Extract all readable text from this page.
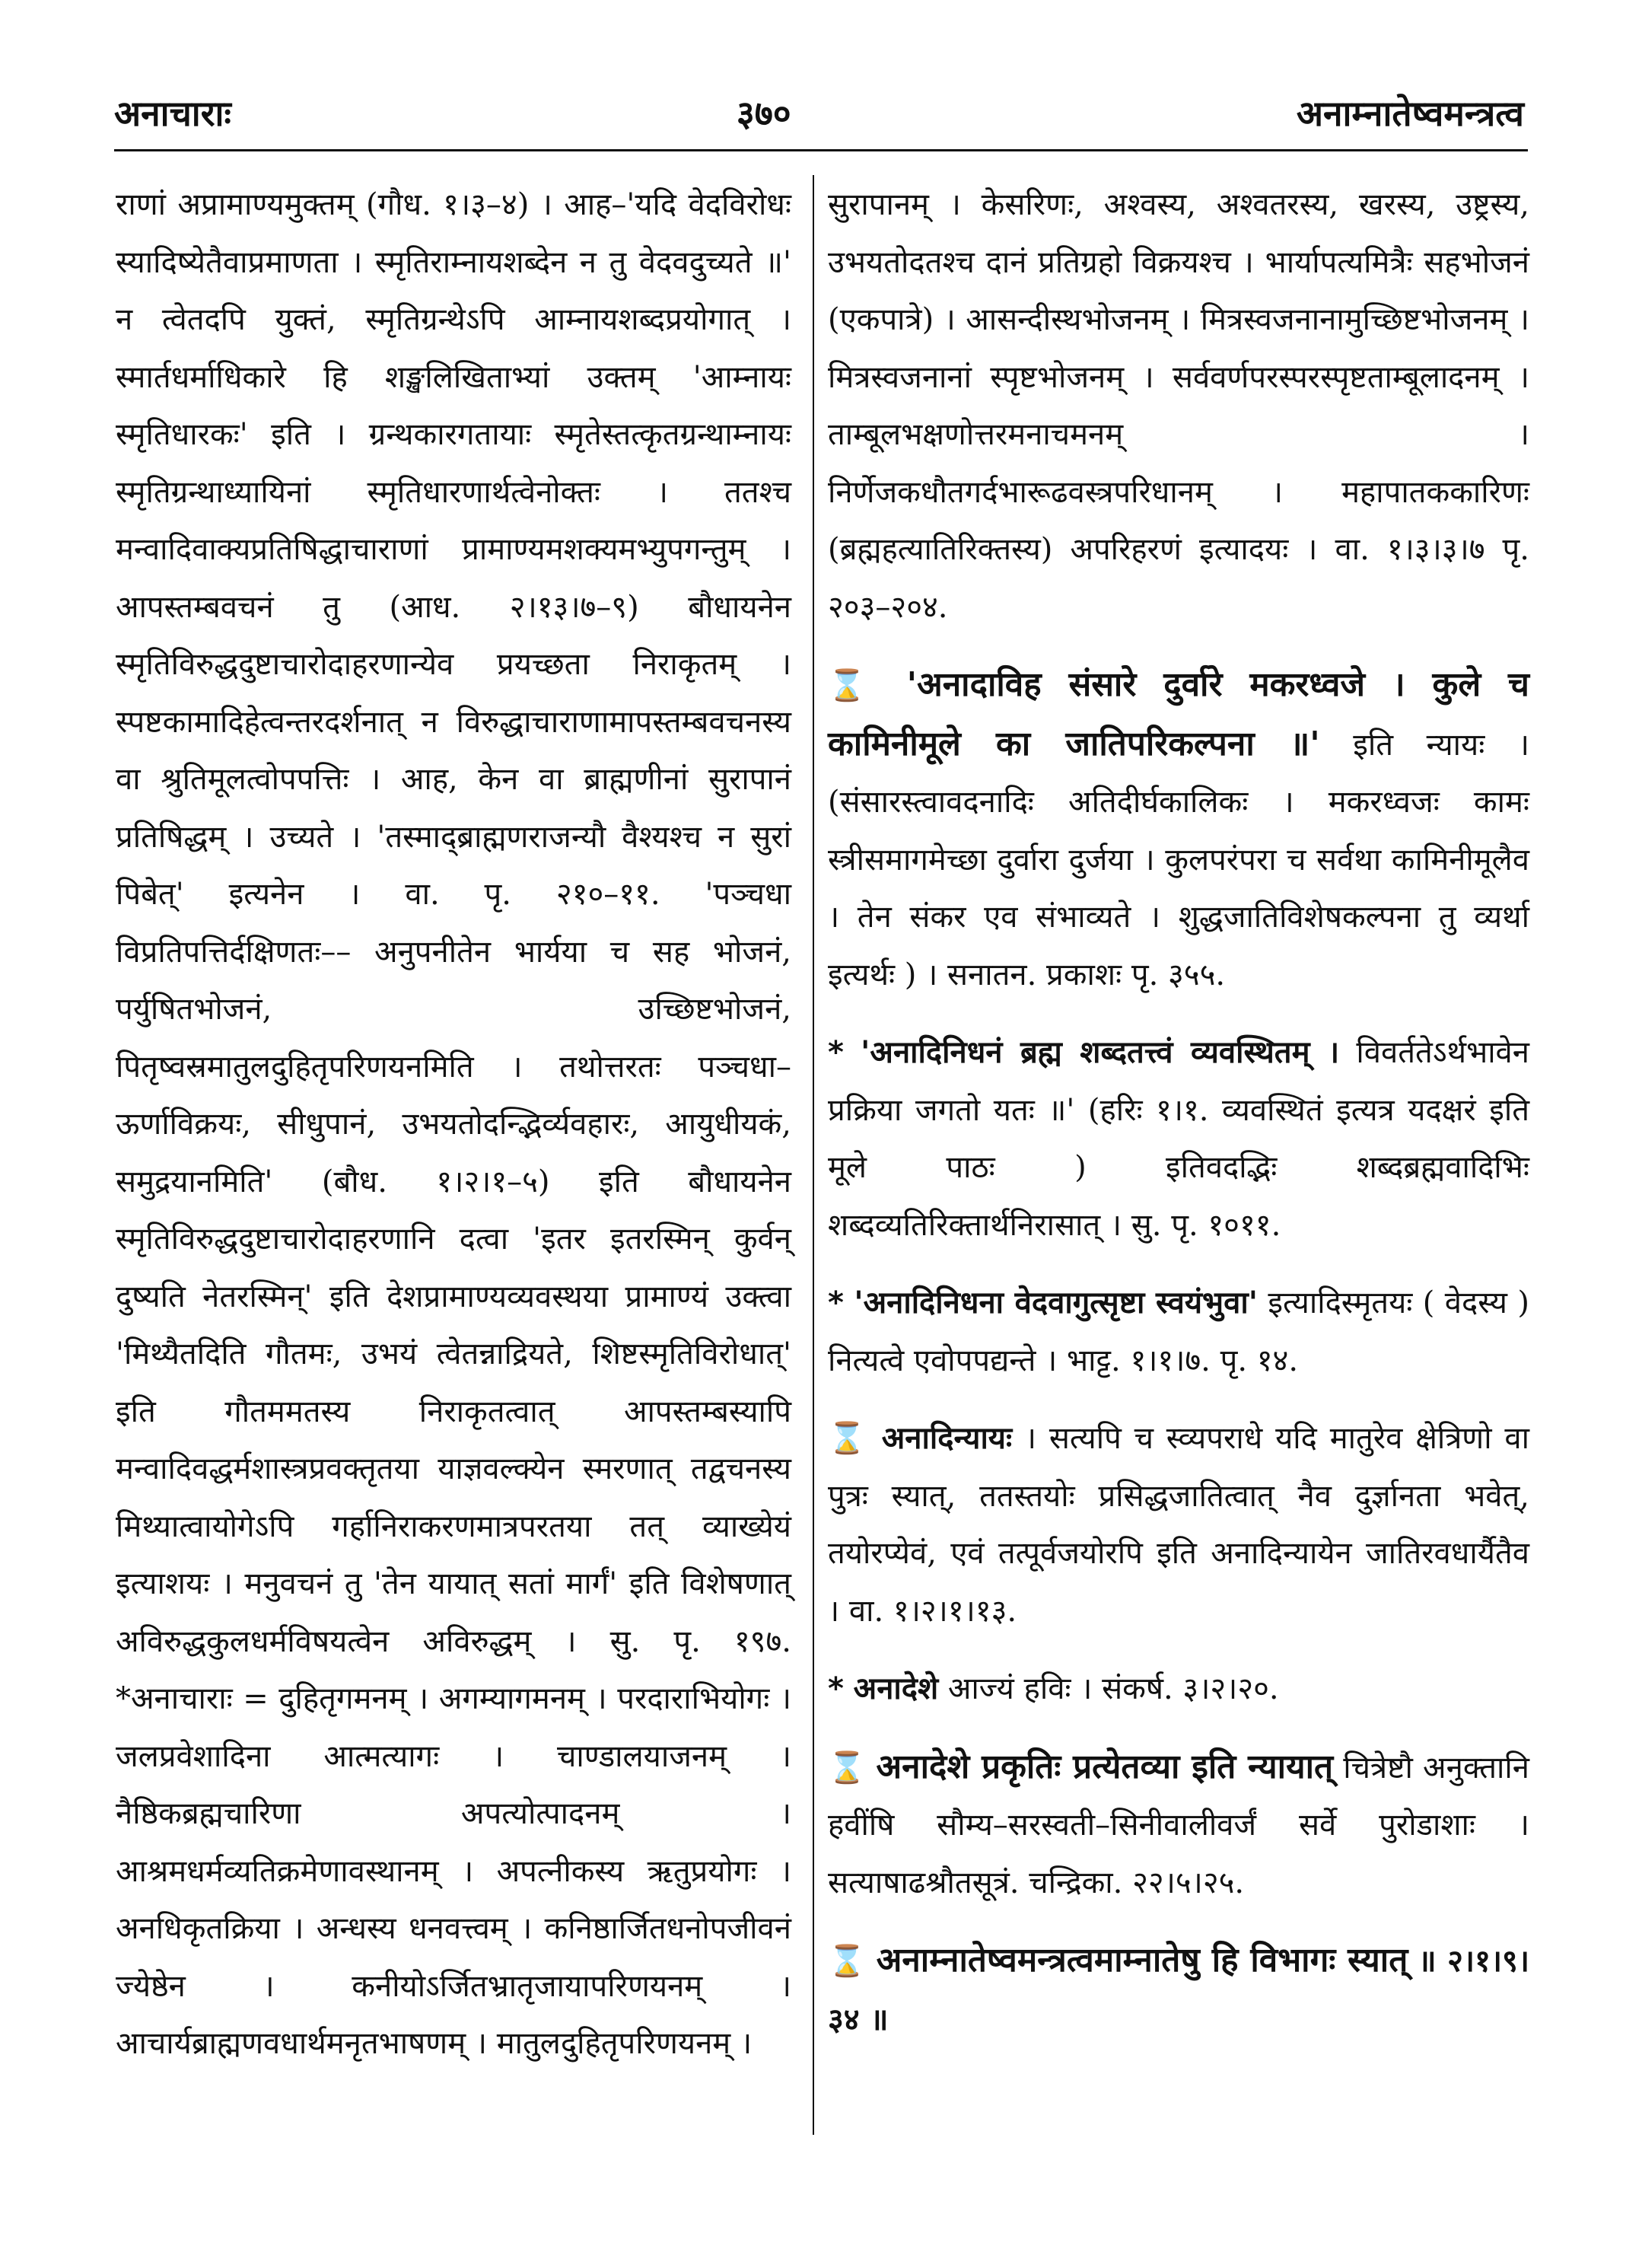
अनाचाराः	३७०	अनाम्नातेष्वमन्त्रत्व

राणां अप्रामाण्यमुक्तम् (गौध. १।३–४) । आह–'यदि वेदविरोधः स्यादिष्येतैवाप्रमाणता । स्मृतिराम्नायशब्देन न तु वेदवदुच्यते ॥' न त्वेतदपि युक्तं, स्मृतिग्रन्थेऽपि आम्नायशब्दप्रयोगात् । स्मार्तधर्माधिकारे हि शङ्खलिखिताभ्यां उक्तम् 'आम्नायः स्मृतिधारकः' इति । ग्रन्थकारगतायाः स्मृतेस्तत्कृतग्रन्थाम्नायः स्मृतिग्रन्थाध्यायिनां स्मृतिधारणार्थत्वेनोक्तः । ततश्च मन्वादिवाक्यप्रतिषिद्धाचाराणां प्रामाण्यमशक्यमभ्युपगन्तुम् । आपस्तम्बवचनं तु (आध. २।१३।७–९) बौधायनेन स्मृतिविरुद्धदुष्टाचारोदाहरणान्येव प्रयच्छता निराकृतम् । स्पष्टकामादिहेत्वन्तरदर्शनात् न विरुद्धाचाराणामापस्तम्बवचनस्य वा श्रुतिमूलत्वोपपत्तिः । आह, केन वा ब्राह्मणीनां सुरापानं प्रतिषिद्धम् । उच्यते । 'तस्माद्ब्राह्मणराजन्यौ वैश्यश्च न सुरां पिबेत्' इत्यनेन । वा. पृ. २१०–११. 'पञ्चधा विप्रतिपत्तिर्दक्षिणतः–– अनुपनीतेन भार्यया च सह भोजनं, पर्युषितभोजनं, उच्छिष्टभोजनं, पितृष्वस्रमातुलदुहितृपरिणयनमिति । तथोत्तरतः पञ्चधा–ऊर्णाविक्रयः, सीधुपानं, उभयतोदन्द्भिर्व्यवहारः, आयुधीयकं, समुद्रयानमिति' (बौध. १।२।१–५) इति बौधायनेन स्मृतिविरुद्धदुष्टाचारोदाहरणानि दत्वा 'इतर इतरस्मिन् कुर्वन् दुष्यति नेतरस्मिन्' इति देशप्रामाण्यव्यवस्थया प्रामाण्यं उक्त्वा 'मिथ्यैतदिति गौतमः, उभयं त्वेतन्नाद्रियते, शिष्टस्मृतिविरोधात्' इति गौतममतस्य निराकृतत्वात् आपस्तम्बस्यापि मन्वादिवद्धर्मशास्त्रप्रवक्तृतया याज्ञवल्क्येन स्मरणात् तद्वचनस्य मिथ्यात्वायोगेऽपि गर्हानिराकरणमात्रपरतया तत् व्याख्येयं इत्याशयः । मनुवचनं तु 'तेन यायात् सतां मार्गं' इति विशेषणात् अविरुद्धकुलधर्मविषयत्वेन अविरुद्धम् । सु. पृ. १९७. *अनाचाराः = दुहितृगमनम् । अगम्यागमनम् । परदाराभियोगः । जलप्रवेशादिना आत्मत्यागः । चाण्डालयाजनम् । नैष्ठिकब्रह्मचारिणा अपत्योत्पादनम् । आश्रमधर्मव्यतिक्रमेणावस्थानम् । अपत्नीकस्य ऋतुप्रयोगः । अनधिकृतक्रिया । अन्धस्य धनवत्त्वम् । कनिष्ठार्जितधनोपजीवनं ज्येष्ठेन । कनीयोऽर्जितभ्रातृजायापरिणयनम् । आचार्यब्राह्मणवधार्थमनृतभाषणम् । मातुलदुहितृपरिणयनम् ।

सुरापानम् । केसरिणः, अश्वस्य, अश्वतरस्य, खरस्य, उष्ट्रस्य, उभयतोदतश्च दानं प्रतिग्रहो विक्रयश्च । भार्यापत्यमित्रैः सहभोजनं (एकपात्रे) । आसन्दीस्थभोजनम् । मित्रस्वजनानामुच्छिष्टभोजनम् । मित्रस्वजनानां स्पृष्टभोजनम् । सर्ववर्णपरस्परस्पृष्टताम्बूलादनम् । ताम्बूलभक्षणोत्तरमनाचमनम् । निर्णेजकधौतगर्दभारूढवस्त्रपरिधानम् । महापातककारिणः (ब्रह्महत्यातिरिक्तस्य) अपरिहरणं इत्यादयः । वा. १।३।३।७ पृ. २०३–२०४.

⌛ 'अनादाविह संसारे दुर्वारे मकरध्वजे । कुले च कामिनीमूले का जातिपरिकल्पना ॥' इति न्यायः । (संसारस्त्वावदनादिः अतिदीर्घकालिकः । मकरध्वजः कामः स्त्रीसमागमेच्छा दुर्वारा दुर्जया । कुलपरंपरा च सर्वथा कामिनीमूलैव । तेन संकर एव संभाव्यते । शुद्धजातिविशेषकल्पना तु व्यर्था इत्यर्थः ) । सनातन. प्रकाशः पृ. ३५५.

* 'अनादिनिधनं ब्रह्म शब्दतत्त्वं व्यवस्थितम् । विवर्ततेऽर्थभावेन प्रक्रिया जगतो यतः ॥' (हरिः १।१. व्यवस्थितं इत्यत्र यदक्षरं इति मूले पाठः ) इतिवदद्भिः शब्दब्रह्मवादिभिः शब्दव्यतिरिक्तार्थनिरासात् । सु. पृ. १०११.

* 'अनादिनिधना वेदवागुत्सृष्टा स्वयंभुवा' इत्यादिस्मृतयः ( वेदस्य ) नित्यत्वे एवोपपद्यन्ते । भाट्ट. १।१।७. पृ. १४.

⌛ अनादिन्यायः । सत्यपि च स्व्यपराधे यदि मातुरेव क्षेत्रिणो वा पुत्रः स्यात्, ततस्तयोः प्रसिद्धजातित्वात् नैव दुर्ज्ञानता भवेत्, तयोरप्येवं, एवं तत्पूर्वजयोरपि इति अनादिन्यायेन जातिरवधार्यैतैव । वा. १।२।१।१३.

* अनादेशे आज्यं हविः । संकर्ष. ३।२।२०.

⌛ अनादेशे प्रकृतिः प्रत्येतव्या इति न्यायात् चित्रेष्टौ अनुक्तानि हवींषि सौम्य–सरस्वती–सिनीवालीवर्जं सर्वे पुरोडाशाः । सत्याषाढश्रौतसूत्रं. चन्द्रिका. २२।५।२५.

⌛ अनाम्नातेष्वमन्त्रत्वमाम्नातेषु हि विभागः स्यात् ॥ २।१।९।३४ ॥
